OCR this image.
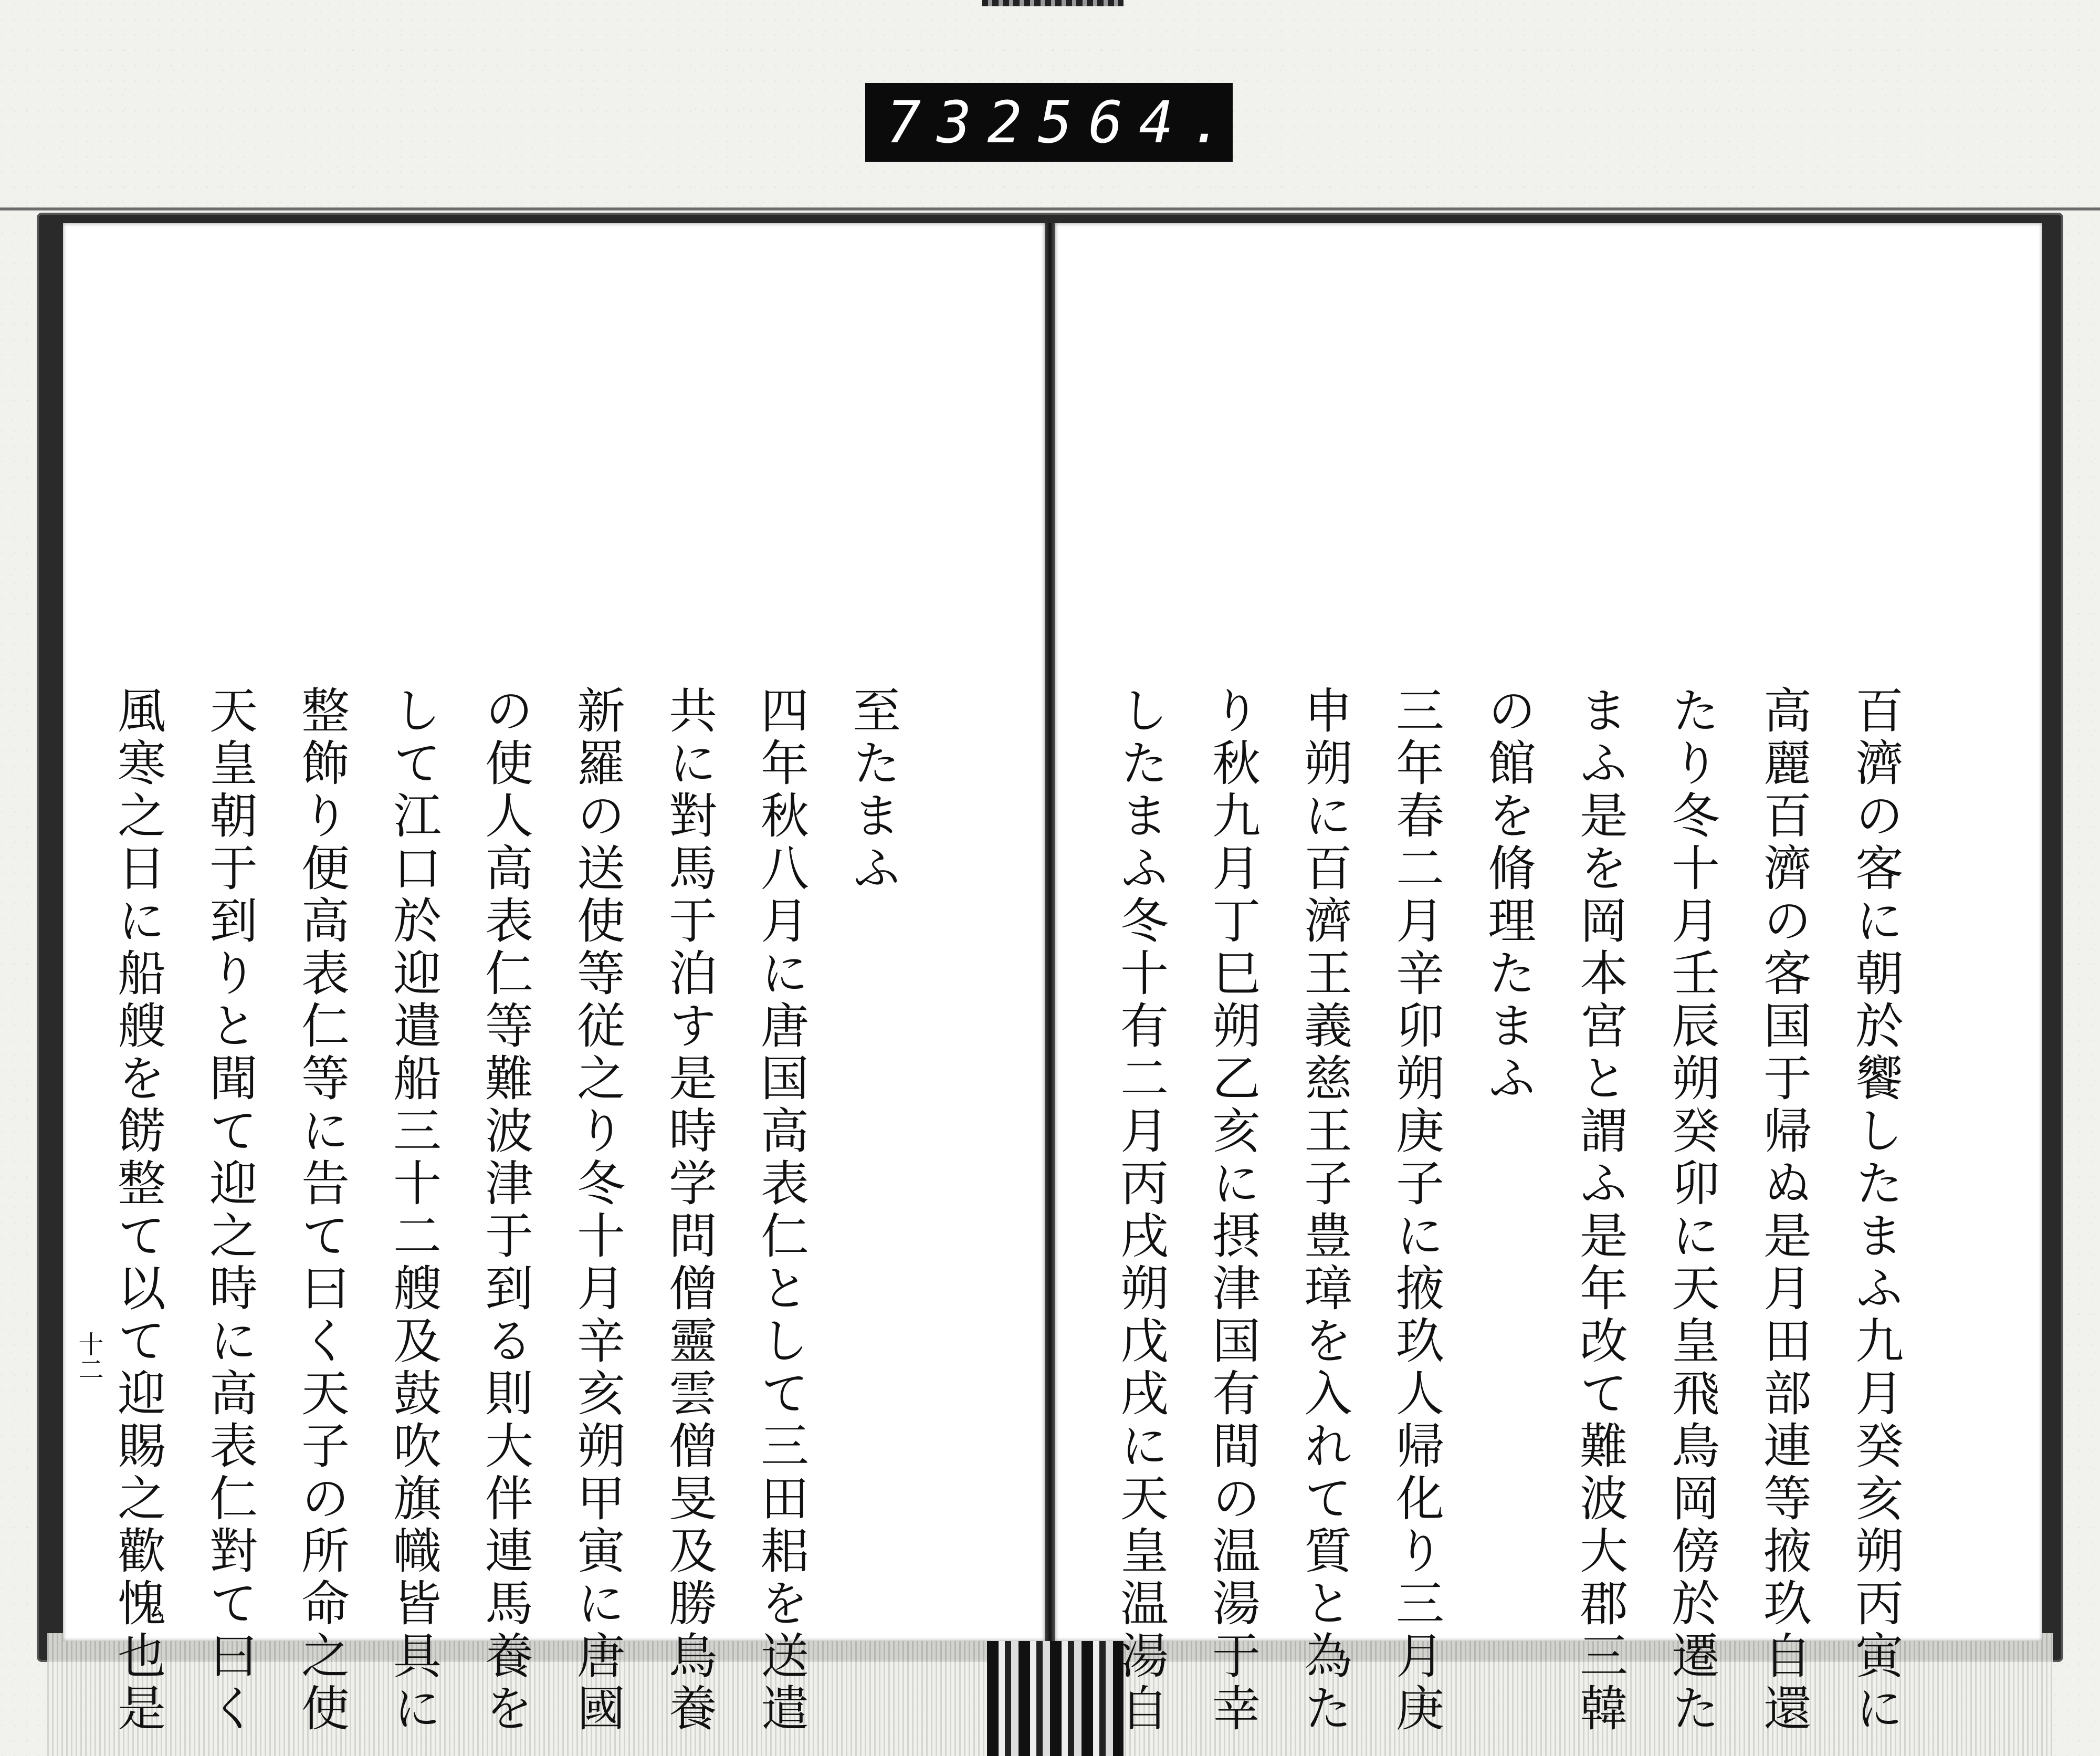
732 564.
十二
至たまふ
四年秋八月に唐国高表仁として三田耜を送遣
共に對馬于泊す是時学問僧靈雲僧旻及勝鳥養
新羅の送使等従之り冬十月辛亥朔甲寅に唐國
の使人高表仁等難波津于到る則大伴連馬養を
して江口於迎遣船三十二艘及鼓吹旗幟皆具に
整飾り便高表仁等に告て曰く天子の所命之使
天皇朝于到りと聞て迎之時に高表仁對て曰く
風寒之日に船艘を餝整て以て迎賜之歡愧也是	百濟の客に朝於饗したまふ九月癸亥朔丙寅に
高麗百濟の客国于帰ぬ是月田部連等掖玖自還
たり冬十月壬辰朔癸卯に天皇飛鳥岡傍於遷た
まふ是を岡本宮と謂ふ是年改て難波大郡三韓
の館を脩理たまふ
三年春二月辛卯朔庚子に掖玖人帰化り三月庚
申朔に百濟王義慈王子豊璋を入れて質と為た
り秋九月丁巳朔乙亥に摂津国有間の温湯于幸
したまふ冬十有二月丙戌朔戊戌に天皇温湯自
